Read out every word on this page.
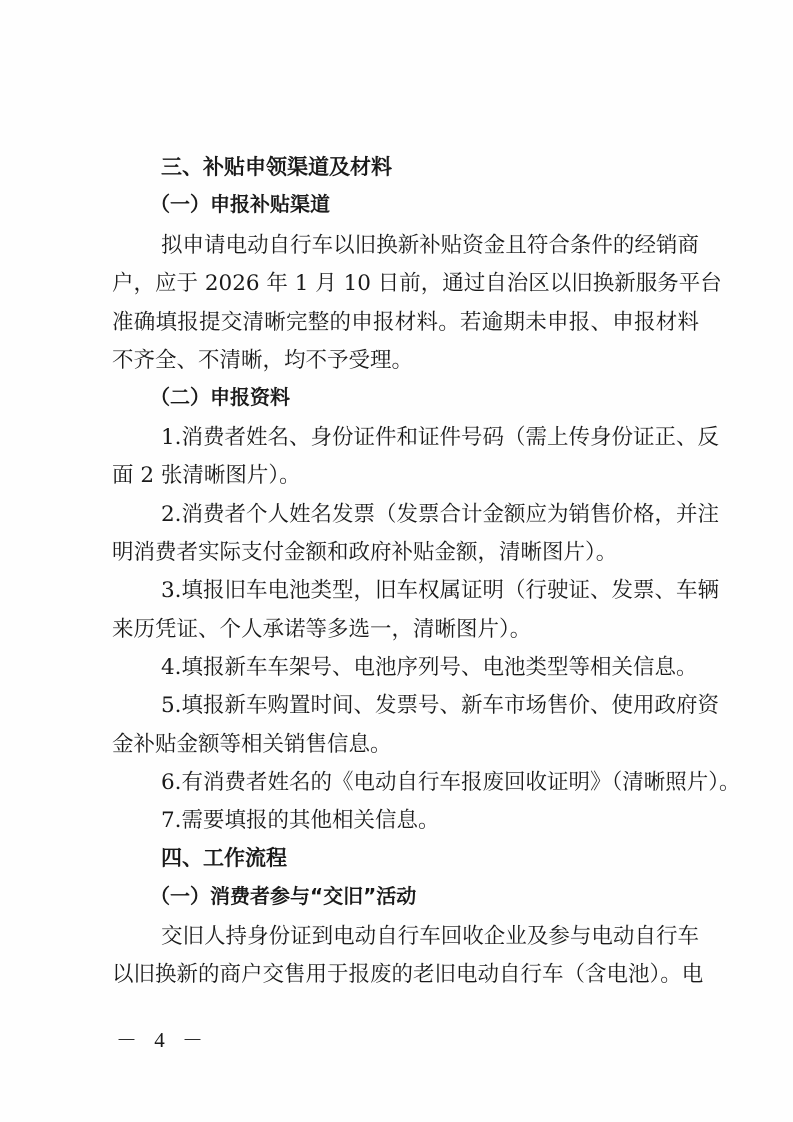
三、补贴申领渠道及材料
（一）申报补贴渠道
拟申请电动自行车以旧换新补贴资金且符合条件的经销商
户，应于 2026 年 1 月 10 日前，通过自治区以旧换新服务平台
准确填报提交清晰完整的申报材料。若逾期未申报、申报材料
不齐全、不清晰，均不予受理。
（二）申报资料
1.消费者姓名、身份证件和证件号码（需上传身份证正、反
面 2 张清晰图片）。
2.消费者个人姓名发票（发票合计金额应为销售价格，并注
明消费者实际支付金额和政府补贴金额，清晰图片）。
3.填报旧车电池类型，旧车权属证明（行驶证、发票、车辆
来历凭证、个人承诺等多选一，清晰图片）。
4.填报新车车架号、电池序列号、电池类型等相关信息。
5.填报新车购置时间、发票号、新车市场售价、使用政府资
金补贴金额等相关销售信息。
6.有消费者姓名的《电动自行车报废回收证明》（清晰照片）。
7.需要填报的其他相关信息。
四、工作流程
（一）消费者参与“交旧”活动
交旧人持身份证到电动自行车回收企业及参与电动自行车
以旧换新的商户交售用于报废的老旧电动自行车（含电池）。电
－ 4 －
